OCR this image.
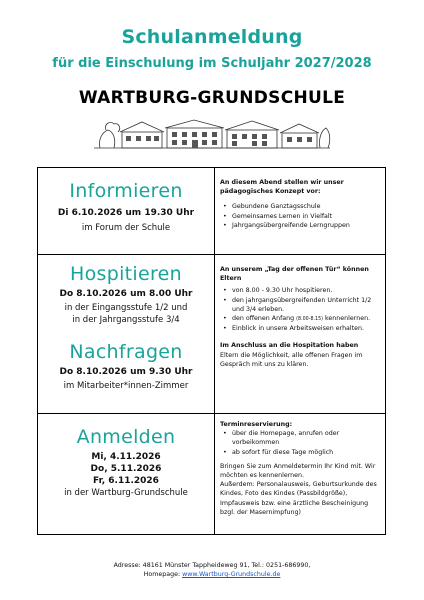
Schulanmeldung
für die Einschulung im Schuljahr 2027/2028
WARTBURG-GRUNDSCHULE
Informieren
Di 6.10.2026 um 19.30 Uhr
im Forum der Schule
An diesem Abend stellen wir unser pädagogisches Konzept vor:
• Gebundene Ganztagsschule
• Gemeinsames Lernen in Vielfalt
• Jahrgangsübergreifende Lerngruppen
Hospitieren
Do 8.10.2026 um 8.00 Uhr
in der Eingangsstufe 1/2 und
in der Jahrgangsstufe 3/4
Nachfragen
Do 8.10.2026 um 9.30 Uhr
im Mitarbeiter*innen-Zimmer
An unserem „Tag der offenen Tür“ können Eltern
• von 8.00 - 9.30 Uhr hospitieren.
• den jahrgangsübergreifenden Unterricht 1/2 und 3/4 erleben.
• den offenen Anfang (8.00-8.15) kennenlernen.
• Einblick in unsere Arbeitsweisen erhalten.
Im Anschluss an die Hospitation haben
Eltern die Möglichkeit, alle offenen Fragen im Gespräch mit uns zu klären.
Anmelden
Mi, 4.11.2026
Do, 5.11.2026
Fr, 6.11.2026
in der Wartburg-Grundschule
Terminreservierung:
• über die Homepage, anrufen oder vorbeikommen
• ab sofort für diese Tage möglich
Bringen Sie zum Anmeldetermin Ihr Kind mit. Wir möchten es kennenlernen.
Außerdem: Personalausweis, Geburtsurkunde des Kindes, Foto des Kindes (Passbildgröße), Impfausweis bzw. eine ärztliche Bescheinigung bzgl. der Masernimpfung)
Adresse: 48161 Münster Tappheideweg 91, Tel.: 0251-686990,
Homepage: www.Wartburg-Grundschule.de
